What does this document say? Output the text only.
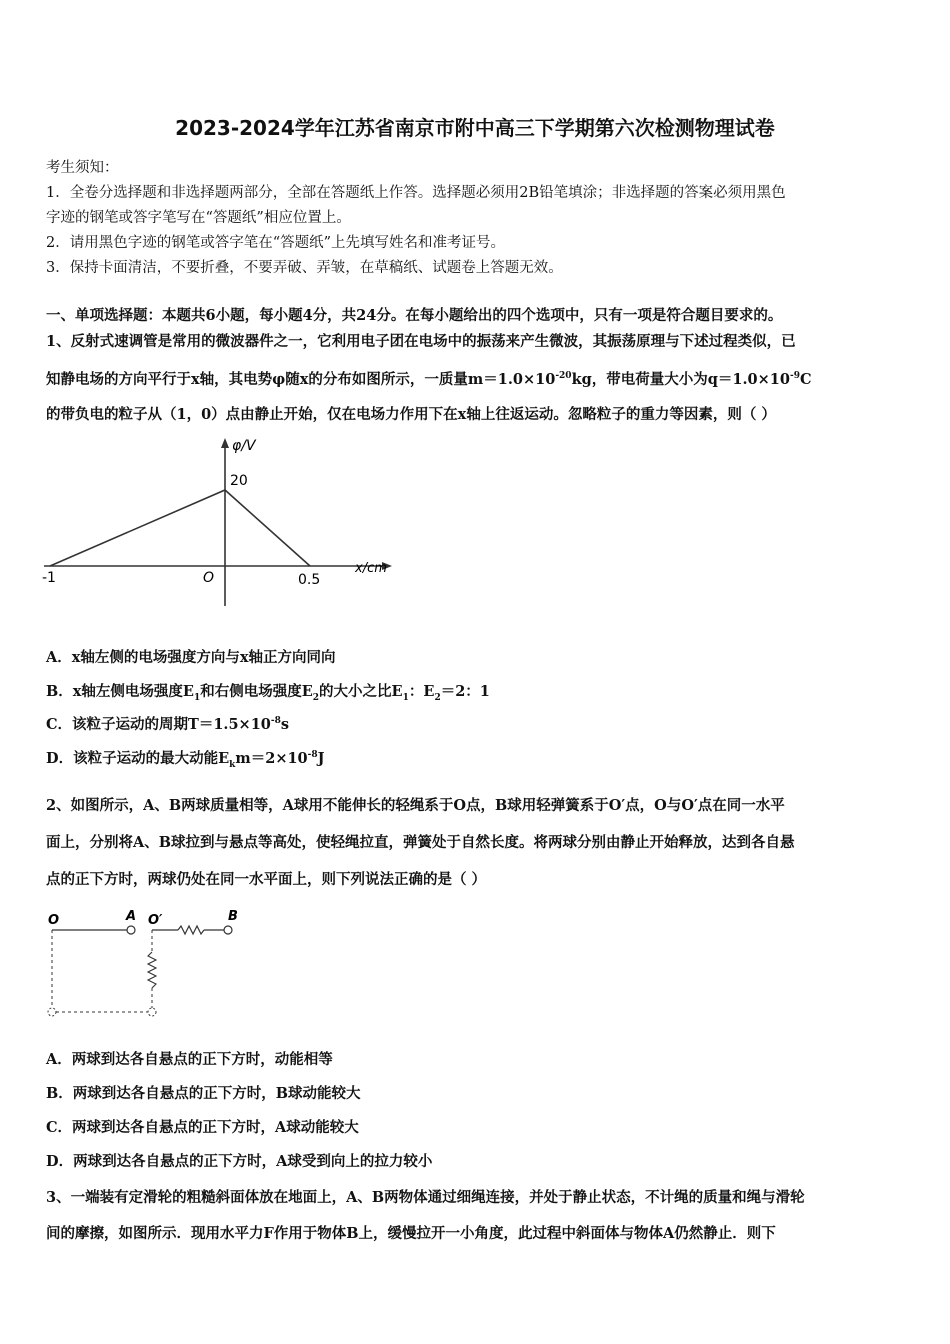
2023-2024学年江苏省南京市附中高三下学期第六次检测物理试卷
考生须知：
1．全卷分选择题和非选择题两部分，全部在答题纸上作答。选择题必须用2B铅笔填涂；非选择题的答案必须用黑色
字迹的钢笔或答字笔写在“答题纸”相应位置上。
2．请用黑色字迹的钢笔或答字笔在“答题纸”上先填写姓名和准考证号。
3．保持卡面清洁，不要折叠，不要弄破、弄皱，在草稿纸、试题卷上答题无效。
一、单项选择题：本题共6小题，每小题4分，共24分。在每小题给出的四个选项中，只有一项是符合题目要求的。
1、反射式速调管是常用的微波器件之一，它利用电子团在电场中的振荡来产生微波，其振荡原理与下述过程类似，已
知静电场的方向平行于x轴，其电势φ随x的分布如图所示，一质量$m=1.0\times 10^{-20}kg$，带电荷量大小为$q=1.0\times 10^{-9}C$
的带负电的粒子从（1，0）点由静止开始，仅在电场力作用下在x轴上往返运动。忽略粒子的重力等因素，则（ ）
φ/V
x/cm
20
O
-1	0.5
A．x轴左侧的电场强度方向与x轴正方向同向
B．x轴左侧电场强度$E_1$和右侧电场强度$E_2$的大小之比$E_1$：$E_2=2$：1
C．该粒子运动的周期$T=1.5\times 10^{-8}s$
D．该粒子运动的最大动能$E_km=2\times 10^{-8}J$
2、如图所示，A、B两球质量相等，A球用不能伸长的轻绳系于O点，B球用轻弹簧系于O′点，O与O′点在同一水平
面上，分别将A、B球拉到与悬点等高处，使轻绳拉直，弹簧处于自然长度。将两球分别由静止开始释放，达到各自悬
点的正下方时，两球仍处在同一水平面上，则下列说法正确的是（ ）
O	A O′	B
A．两球到达各自悬点的正下方时，动能相等
B．两球到达各自悬点的正下方时，B球动能较大
C．两球到达各自悬点的正下方时，A球动能较大
D．两球到达各自悬点的正下方时，A球受到向上的拉力较小
3、一端装有定滑轮的粗糙斜面体放在地面上，A、B两物体通过细绳连接，并处于静止状态，不计绳的质量和绳与滑轮
间的摩擦，如图所示．现用水平力F作用于物体B上，缓慢拉开一小角度，此过程中斜面体与物体A仍然静止．则下
